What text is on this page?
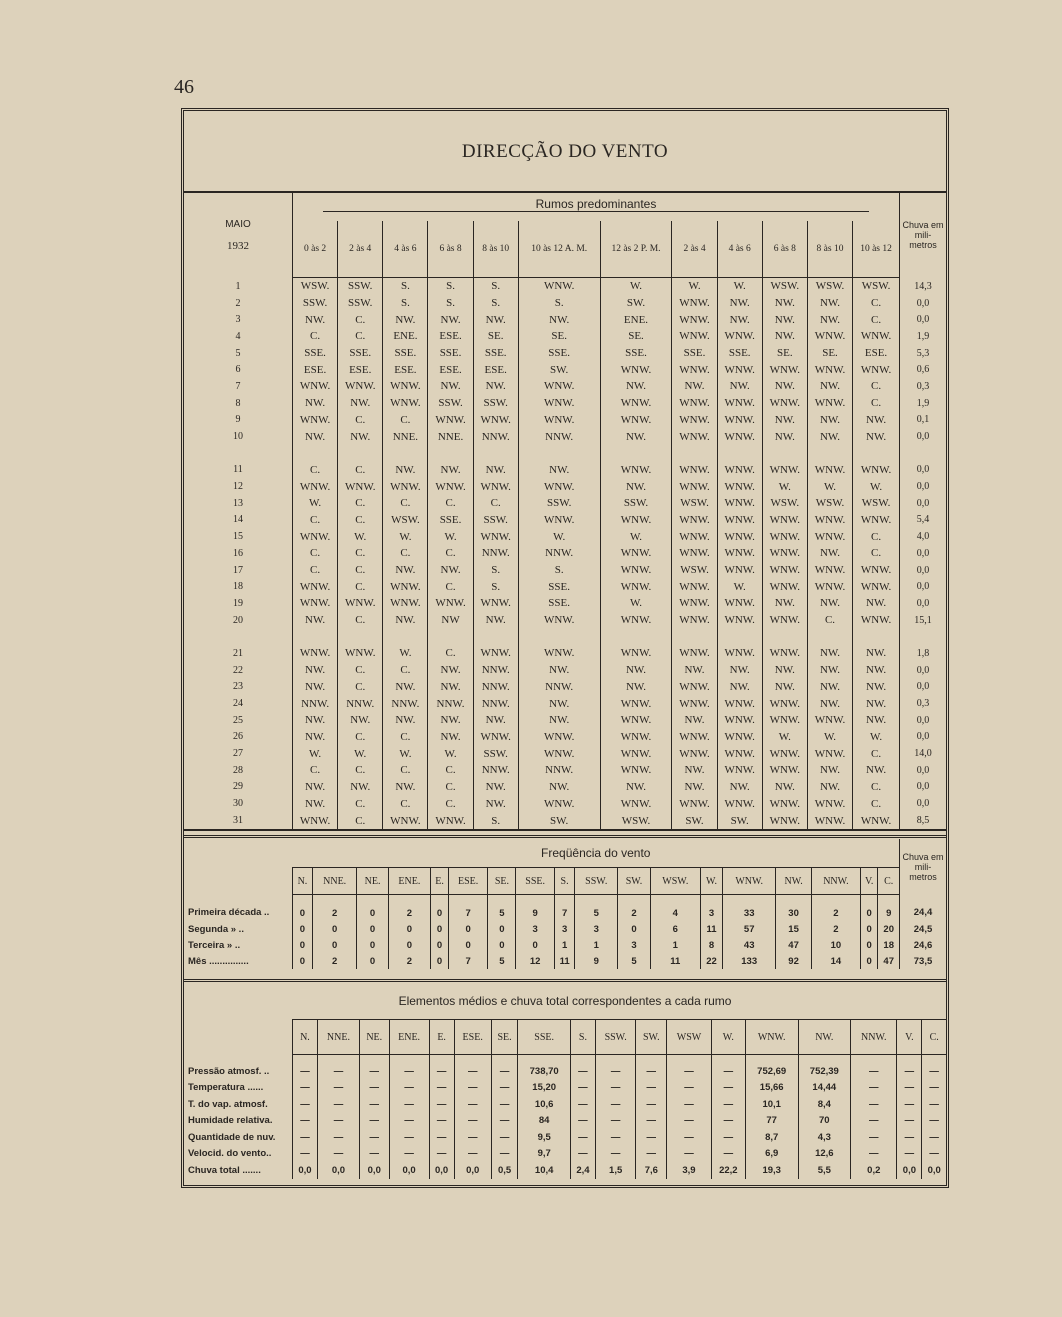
46
DIRECÇÃO DO VENTO
MAIO
1932	Rumos predominantes												Chuva em mili- metros
	0 às 2	2 às 4	4 às 6	6 às 8	8 às 10	10 às 12 A. M.	12 às 2 P. M.	2 às 4	4 às 6	6 às 8	8 às 10	10 às 12	
1	WSW.	SSW.	S.	S.	S.	WNW.	W.	W.	W.	WSW.	WSW.	WSW.	14,3
2	SSW.	SSW.	S.	S.	S.	S.	SW.	WNW.	NW.	NW.	NW.	C.	0,0
3	NW.	C.	NW.	NW.	NW.	NW.	ENE.	WNW.	NW.	NW.	NW.	C.	0,0
4	C.	C.	ENE.	ESE.	SE.	SE.	SE.	WNW.	WNW.	NW.	WNW.	WNW.	1,9
5	SSE.	SSE.	SSE.	SSE.	SSE.	SSE.	SSE.	SSE.	SSE.	SE.	SE.	ESE.	5,3
6	ESE.	ESE.	ESE.	ESE.	ESE.	SW.	WNW.	WNW.	WNW.	WNW.	WNW.	WNW.	0,6
7	WNW.	WNW.	WNW.	NW.	NW.	WNW.	NW.	NW.	NW.	NW.	NW.	C.	0,3
8	NW.	NW.	WNW.	SSW.	SSW.	WNW.	WNW.	WNW.	WNW.	WNW.	WNW.	C.	1,9
9	WNW.	C.	C.	WNW.	WNW.	WNW.	WNW.	WNW.	WNW.	NW.	NW.	NW.	0,1
10	NW.	NW.	NNE.	NNE.	NNW.	NNW.	NW.	WNW.	WNW.	NW.	NW.	NW.	0,0

11	C.	C.	NW.	NW.	NW.	NW.	WNW.	WNW.	WNW.	WNW.	WNW.	WNW.	0,0
12	WNW.	WNW.	WNW.	WNW.	WNW.	WNW.	NW.	WNW.	WNW.	W.	W.	W.	0,0
13	W.	C.	C.	C.	C.	SSW.	SSW.	WSW.	WNW.	WSW.	WSW.	WSW.	0,0
14	C.	C.	WSW.	SSE.	SSW.	WNW.	WNW.	WNW.	WNW.	WNW.	WNW.	WNW.	5,4
15	WNW.	W.	W.	W.	WNW.	W.	W.	WNW.	WNW.	WNW.	WNW.	C.	4,0
16	C.	C.	C.	C.	NNW.	NNW.	WNW.	WNW.	WNW.	WNW.	NW.	C.	0,0
17	C.	C.	NW.	NW.	S.	S.	WNW.	WSW.	WNW.	WNW.	WNW.	WNW.	0,0
18	WNW.	C.	WNW.	C.	S.	SSE.	WNW.	WNW.	W.	WNW.	WNW.	WNW.	0,0
19	WNW.	WNW.	WNW.	WNW.	WNW.	SSE.	W.	WNW.	WNW.	NW.	NW.	NW.	0,0
20	NW.	C.	NW.	NW	NW.	WNW.	WNW.	WNW.	WNW.	WNW.	C.	WNW.	15,1

21	WNW.	WNW.	W.	C.	WNW.	WNW.	WNW.	WNW.	WNW.	WNW.	NW.	NW.	1,8
22	NW.	C.	C.	NW.	NNW.	NW.	NW.	NW.	NW.	NW.	NW.	NW.	0,0
23	NW.	C.	NW.	NW.	NNW.	NNW.	NW.	WNW.	NW.	NW.	NW.	NW.	0,0
24	NNW.	NNW.	NNW.	NNW.	NNW.	NW.	WNW.	WNW.	WNW.	WNW.	NW.	NW.	0,3
25	NW.	NW.	NW.	NW.	NW.	NW.	WNW.	NW.	WNW.	WNW.	WNW.	NW.	0,0
26	NW.	C.	C.	NW.	WNW.	WNW.	WNW.	WNW.	WNW.	W.	W.	W.	0,0
27	W.	W.	W.	W.	SSW.	WNW.	WNW.	WNW.	WNW.	WNW.	WNW.	C.	14,0
28	C.	C.	C.	C.	NNW.	NNW.	WNW.	NW.	WNW.	WNW.	NW.	NW.	0,0
29	NW.	NW.	NW.	C.	NW.	NW.	NW.	NW.	NW.	NW.	NW.	C.	0,0
30	NW.	C.	C.	C.	NW.	WNW.	WNW.	WNW.	WNW.	WNW.	WNW.	C.	0,0
31	WNW.	C.	WNW.	WNW.	S.	SW.	WSW.	SW.	SW.	WNW.	WNW.	WNW.	8,5
	Freqüência do vento																		Chuva em mili- metros
	N.	NNE.	NE.	ENE.	E.	ESE.	SE.	SSE.	S.	SSW.	SW.	WSW.	W.	WNW.	NW.	NNW.	V.	C.	
Primeira década ..	0	2	0	2	0	7	5	9	7	5	2	4	3	33	30	2	0	9	24,4
Segunda » ..	0	0	0	0	0	0	0	3	3	3	0	6	11	57	15	2	0	20	24,5
Terceira » ..	0	0	0	0	0	0	0	0	1	1	3	1	8	43	47	10	0	18	24,6
Mês ...............	0	2	0	2	0	7	5	12	11	9	5	11	22	133	92	14	0	47	73,5
Elementos médios e chuva total correspondentes a cada rumo																		
	N.	NNE.	NE.	ENE.	E.	ESE.	SE.	SSE.	S.	SSW.	SW.	WSW	W.	WNW.	NW.	NNW.	V.	C.
Pressão atmosf. ..	—	—	—	—	—	—	—	738,70	—	—	—	—	—	752,69	752,39	—	—	—
Temperatura ......	—	—	—	—	—	—	—	15,20	—	—	—	—	—	15,66	14,44	—	—	—
T. do vap. atmosf.	—	—	—	—	—	—	—	10,6	—	—	—	—	—	10,1	8,4	—	—	—
Humidade relativa.	—	—	—	—	—	—	—	84	—	—	—	—	—	77	70	—	—	—
Quantidade de nuv.	—	—	—	—	—	—	—	9,5	—	—	—	—	—	8,7	4,3	—	—	—
Velocid. do vento..	—	—	—	—	—	—	—	9,7	—	—	—	—	—	6,9	12,6	—	—	—
Chuva total .......	0,0	0,0	0,0	0,0	0,0	0,0	0,5	10,4	2,4	1,5	7,6	3,9	22,2	19,3	5,5	0,2	0,0	0,0
